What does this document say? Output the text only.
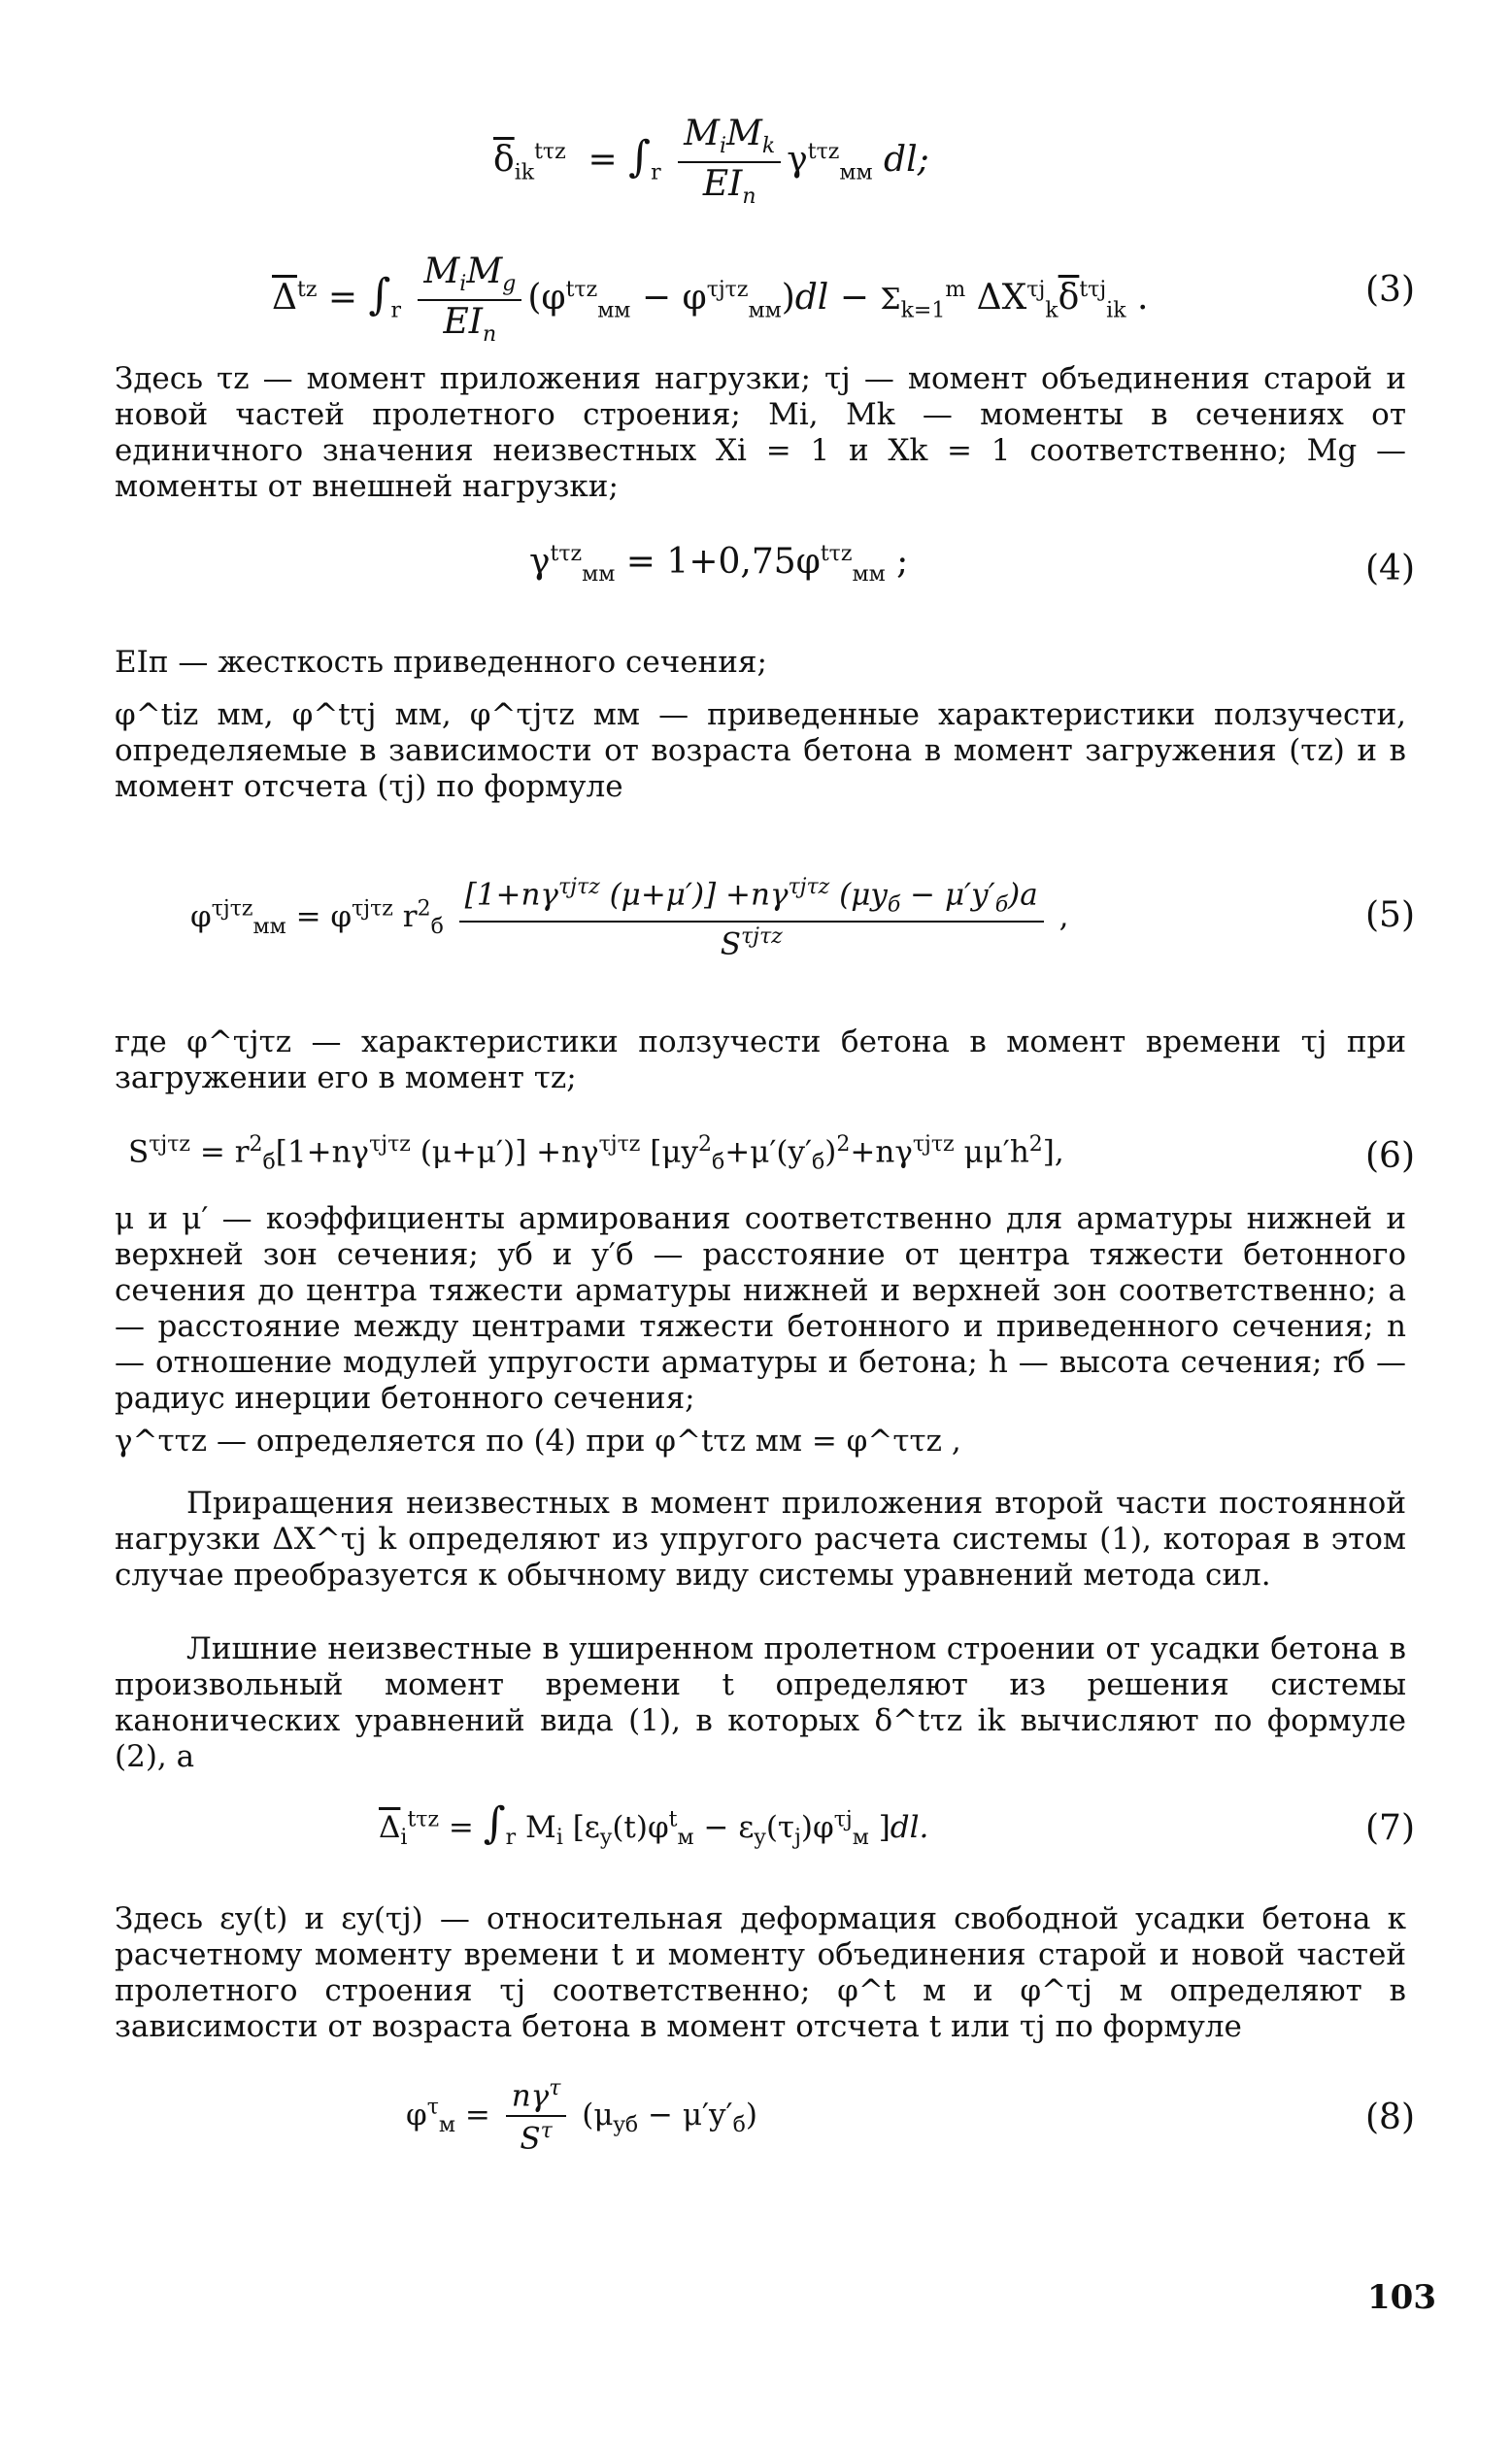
$\overline{\delta}_{ik}^{t\tau z} = \int_r \frac{M_iM_k}{EI_п} \gamma^{t\tau z}_{мм}$ dl;
$\overline{\Delta}^{tz} = \int_r \frac{M_iM_g}{EI_п} (\varphi^{t\tau z}_{мм} - \varphi^{\tau j\tau z}_{мм})dl - \Sigma_{k=1}^m$ $\Delta X^{\tau j}_k\overline{\delta}^{t\tau j}_{ik}$ .	(3)
Здесь τz — момент приложения нагрузки; τj — момент объединения старой и новой частей пролетного строения; Mi, Mk — моменты в сечениях от единичного значения неизвестных Xi = 1 и Xk = 1 соответственно; Mg — моменты от внешней нагрузки;
$\gamma^{t\tau z}_{мм} = 1+0,75\varphi^{t\tau z}_{мм}$ ;	(4)
EIп — жесткость приведенного сечения;
φ^tiz мм, φ^tτj мм, φ^τjτz мм — приведенные характеристики ползучести, определяемые в зависимости от возраста бетона в момент загружения (τz) и в момент отсчета (τj) по формуле
$\varphi^{\tau j\tau z}_{мм} = \varphi^{\tau j\tau z}$ $r^2_б \frac{[1+n\gamma^{\tau j\tau z} (\mu+\mu')] +n\gamma^{\tau j\tau z} (\mu y_б - \mu'y'_б)a}{S^{\tau j\tau z}}$ ,	(5)
где φ^τjτz — характеристики ползучести бетона в момент времени τj при загружении его в момент τz;
$S^{\tau j\tau z} = r^2_б[1+n\gamma^{\tau j\tau z}$ $(\mu+\mu')] +n\gamma^{\tau j\tau z}$ [$\mu y^2_б+\mu'(y'_б)^2+n\gamma^{\tau j\tau z}$ $\mu\mu'h^2$],	(6)
μ и μ′ — коэффициенты армирования соответственно для арматуры нижней и верхней зон сечения; yб и y′б — расстояние от центра тяжести бетонного сечения до центра тяжести арматуры нижней и верхней зон соответственно; a — расстояние между центрами тяжести бетонного и приведенного сечения; n — отношение модулей упругости арматуры и бетона; h — высота сечения; rб — радиус инерции бетонного сечения;
γ^ττz — определяется по (4) при φ^tτz мм = φ^ττz ,
Приращения неизвестных в момент приложения второй части постоянной нагрузки ΔX^τj k определяют из упругого расчета системы (1), которая в этом случае преобразуется к обычному виду системы уравнений метода сил.
Лишние неизвестные в уширенном пролетном строении от усадки бетона в произвольный момент времени t определяют из решения системы канонических уравнений вида (1), в которых δ^tτz ik вычисляют по формуле (2), а
$\overline{\Delta}_i^{t\tau z} = \int_r$ $M_i$ [$\varepsilon_y(t)\varphi^t_м - \varepsilon_y(\tau_j)\varphi^{\tau j}_м$ ]dl.	(7)
Здесь εy(t) и εy(τj) — относительная деформация свободной усадки бетона к расчетному моменту времени t и моменту объединения старой и новой частей пролетного строения τj соответственно; φ^t м и φ^τj м определяют в зависимости от возраста бетона в момент отсчета t или τj по формуле
$\varphi^\tau_м = \frac{n\gamma^\tau}{S^\tau} (\mu_{yб} - \mu'y'_б)$	(8)
103
